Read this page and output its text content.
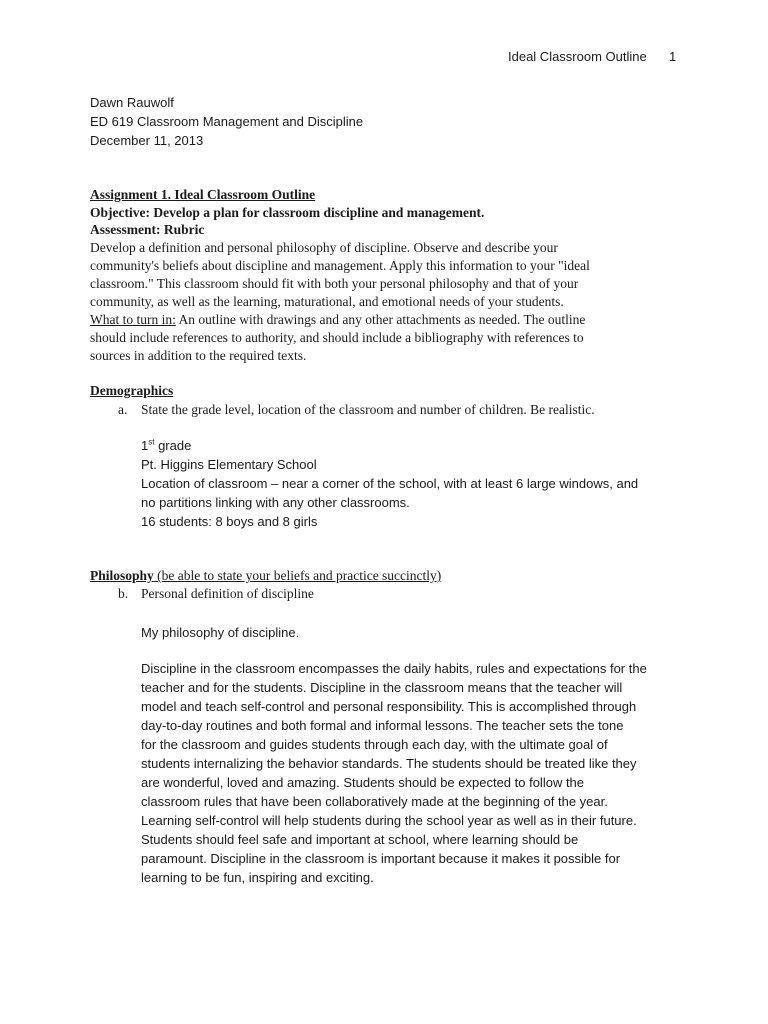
Ideal Classroom Outline 1
Dawn Rauwolf
ED 619 Classroom Management and Discipline
December 11, 2013
Assignment 1. Ideal Classroom Outline
Objective: Develop a plan for classroom discipline and management.
Assessment: Rubric
Develop a definition and personal philosophy of discipline. Observe and describe your
community's beliefs about discipline and management. Apply this information to your "ideal
classroom." This classroom should fit with both your personal philosophy and that of your
community, as well as the learning, maturational, and emotional needs of your students.
What to turn in: An outline with drawings and any other attachments as needed. The outline
should include references to authority, and should include a bibliography with references to
sources in addition to the required texts.
Demographics
a. State the grade level, location of the classroom and number of children. Be realistic.
1st grade
Pt. Higgins Elementary School
Location of classroom – near a corner of the school, with at least 6 large windows, and
no partitions linking with any other classrooms.
16 students: 8 boys and 8 girls
Philosophy (be able to state your beliefs and practice succinctly)
b. Personal definition of discipline
My philosophy of discipline.
Discipline in the classroom encompasses the daily habits, rules and expectations for the
teacher and for the students. Discipline in the classroom means that the teacher will
model and teach self-control and personal responsibility. This is accomplished through
day-to-day routines and both formal and informal lessons. The teacher sets the tone
for the classroom and guides students through each day, with the ultimate goal of
students internalizing the behavior standards. The students should be treated like they
are wonderful, loved and amazing. Students should be expected to follow the
classroom rules that have been collaboratively made at the beginning of the year.
Learning self-control will help students during the school year as well as in their future.
Students should feel safe and important at school, where learning should be
paramount. Discipline in the classroom is important because it makes it possible for
learning to be fun, inspiring and exciting.
